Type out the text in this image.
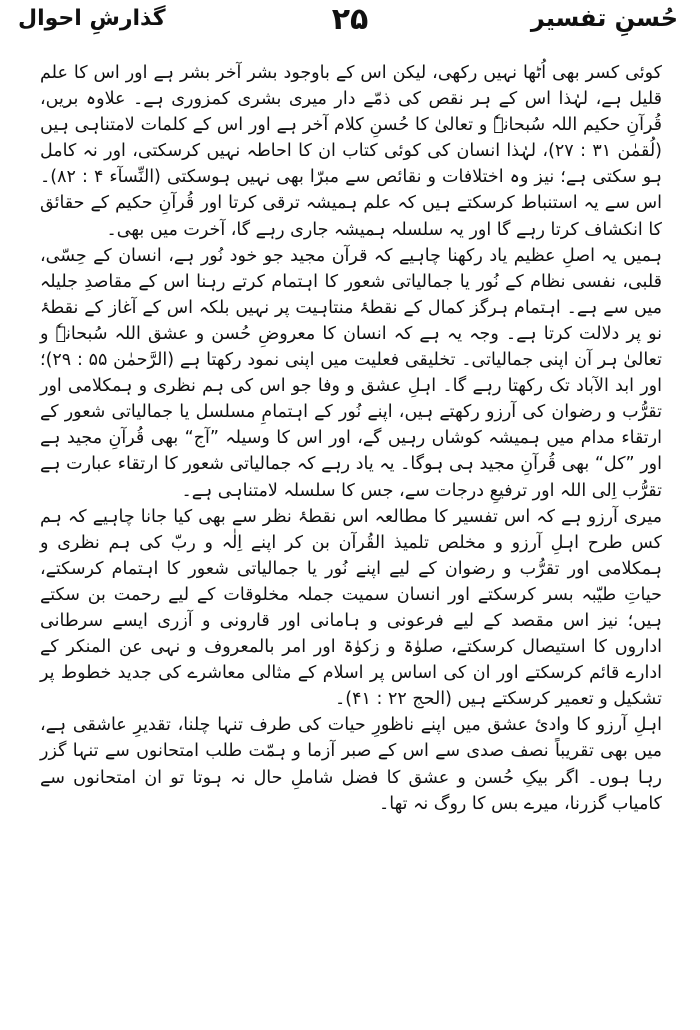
گذارشِ احوال	۲۵	حُسنِ تفسیر

کوئی کسر بھی اُٹھا نہیں رکھی، لیکن اس کے باوجود بشر آخر بشر ہے اور اس کا علم قلیل ہے، لہٰذا اس کے ہر نقص کی ذمّے دار میری بشری کمزوری ہے۔ علاوہ بریں، قُرآنِ حکیم اللہ سُبحانہٗ و تعالیٰ کا حُسنِ کلام آخر ہے اور اس کے کلمات لامتناہی ہیں (لُقمٰن ۳۱ : ۲۷)، لہٰذا انسان کی کوئی کتاب ان کا احاطہ نہیں کرسکتی، اور نہ کامل ہو سکتی ہے؛ نیز وہ اختلافات و نقائص سے مبرّا بھی نہیں ہوسکتی (النِّسآء ۴ : ۸۲)۔ اس سے یہ استنباط کرسکتے ہیں کہ علم ہمیشہ ترقی کرتا اور قُرآنِ حکیم کے حقائق کا انکشاف کرتا رہے گا اور یہ سلسلہ ہمیشہ جاری رہے گا، آخرت میں بھی۔

ہمیں یہ اصلِ عظیم یاد رکھنا چاہیے کہ قرآن مجید جو خود نُور ہے، انسان کے حِسّی، قلبی، نفسی نظام کے نُور یا جمالیاتی شعور کا اہتمام کرتے رہنا اس کے مقاصدِ جلیلہ میں سے ہے۔ اہتمام ہرگز کمال کے نقطۂ منتاہیت پر نہیں بلکہ اس کے آغاز کے نقطۂ نو پر دلالت کرتا ہے۔ وجہ یہ ہے کہ انسان کا معروضِ حُسن و عشق اللہ سُبحانہٗ و تعالیٰ ہر آن اپنی جمالیاتی۔ تخلیقی فعلیت میں اپنی نمود رکھتا ہے (الرَّحمٰن ۵۵ : ۲۹)؛ اور ابد الآباد تک رکھتا رہے گا۔ اہلِ عشق و وفا جو اس کی ہم نظری و ہمکلامی اور تقرُّب و رضوان کی آرزو رکھتے ہیں، اپنے نُور کے اہتمامِ مسلسل یا جمالیاتی شعور کے ارتقاء مدام میں ہمیشہ کوشاں رہیں گے، اور اس کا وسیلہ ”آج“ بھی قُرآنِ مجید ہے اور ”کل“ بھی قُرآنِ مجید ہی ہوگا۔ یہ یاد رہے کہ جمالیاتی شعور کا ارتقاء عبارت ہے تقرُّب اِلی اللہ اور ترفیعِ درجات سے، جس کا سلسلہ لامتناہی ہے۔

میری آرزو ہے کہ اس تفسیر کا مطالعہ اس نقطۂ نظر سے بھی کیا جانا چاہیے کہ ہم کس طرح اہلِ آرزو و مخلص تلمیذ القُرآن بن کر اپنے اِلٰہ و ربّ کی ہم نظری و ہمکلامی اور تقرُّب و رضوان کے لیے اپنے نُور یا جمالیاتی شعور کا اہتمام کرسکتے، حیاتِ طیّبہ بسر کرسکتے اور انسان سمیت جملہ مخلوقات کے لیے رحمت بن سکتے ہیں؛ نیز اس مقصد کے لیے فرعونی و ہامانی اور قارونی و آزری ایسے سرطانی اداروں کا استیصال کرسکتے، صلوٰۃ و زکوٰۃ اور امر بالمعروف و نہی عن المنکر کے ادارے قائم کرسکتے اور ان کی اساس پر اسلام کے مثالی معاشرے کی جدید خطوط پر تشکیل و تعمیر کرسکتے ہیں (الحج ۲۲ : ۴۱)۔

اہلِ آرزو کا وادئ عشق میں اپنے ناظورِ حیات کی طرف تنہا چلنا، تقدیرِ عاشقی ہے، میں بھی تقریباً نصف صدی سے اس کے صبر آزما و ہمّت طلب امتحانوں سے تنہا گزر رہا ہوں۔ اگر بیکِ حُسن و عشق کا فضل شاملِ حال نہ ہوتا تو ان امتحانوں سے کامیاب گزرنا، میرے بس کا روگ نہ تھا۔
